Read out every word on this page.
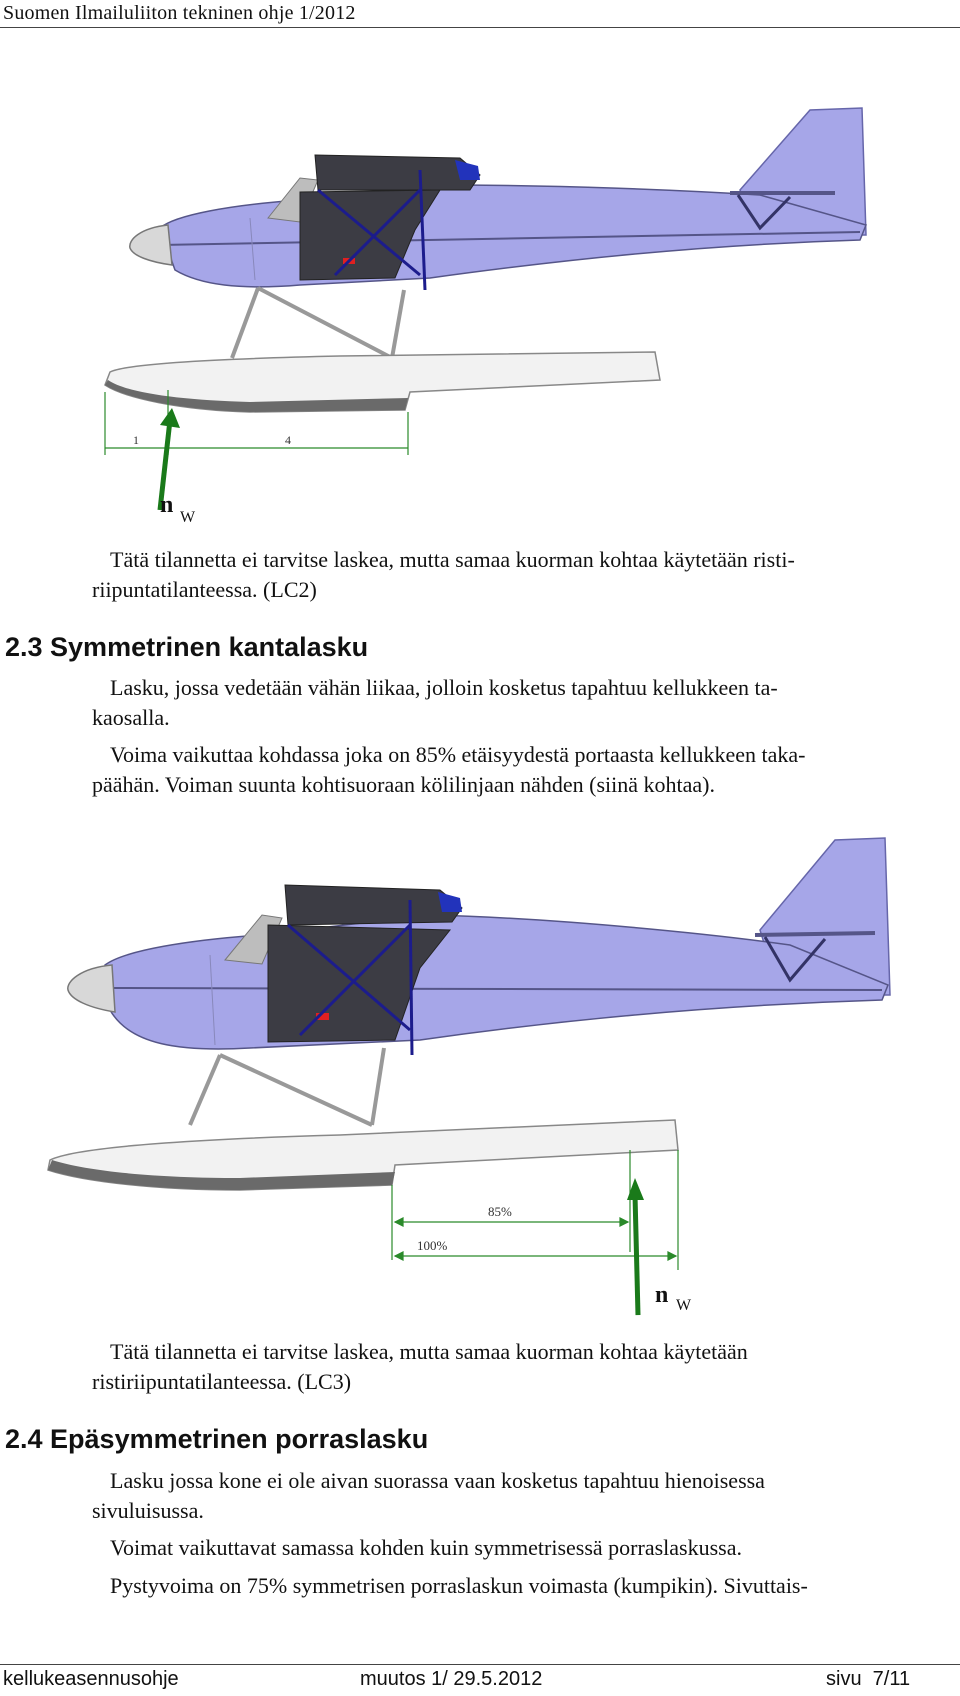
Suomen Ilmailuliiton tekninen ohje 1/2012
1	4
n W
Tätä tilannetta ei tarvitse laskea, mutta samaa kuorman kohtaa käytetään risti-
riipuntatilanteessa. (LC2)
2.3 Symmetrinen kantalasku
Lasku, jossa vedetään vähän liikaa, jolloin kosketus tapahtuu kellukkeen ta-
kaosalla.
Voima vaikuttaa kohdassa joka on 85% etäisyydestä portaasta kellukkeen taka-
päähän. Voiman suunta kohtisuoraan kölilinjaan nähden (siinä kohtaa).
85%
100%
n W
Tätä tilannetta ei tarvitse laskea, mutta samaa kuorman kohtaa käytetään
ristiriipuntatilanteessa. (LC3)
2.4 Epäsymmetrinen porraslasku
Lasku jossa kone ei ole aivan suorassa vaan kosketus tapahtuu hienoisessa
sivuluisussa.
Voimat vaikuttavat samassa kohden kuin symmetrisessä porraslaskussa.
Pystyvoima on 75% symmetrisen porraslaskun voimasta (kumpikin). Sivuttais-
kellukeasennusohje	muutos 1/ 29.5.2012	sivu  7/11
